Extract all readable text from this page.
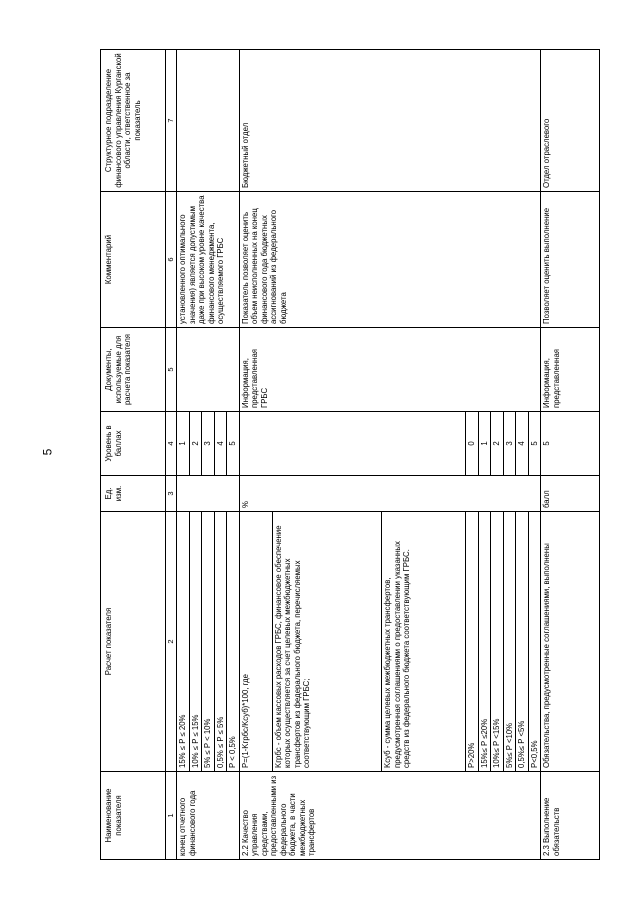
5
Наименование показателя	Расчет показателя	Ед. изм.	Уровень в баллах	Документы, используемые для расчета показателя	Комментарий	Структурное подразделение финансового управления Курганской области, ответственное за показатель
1	2	3	4	5	6	7
конец отчетного финансового года	15% ≤ P ≤ 20%		1		установленного оптимального значения) является допустимым даже при высоком уровне качества финансового менеджмента, осуществляемого ГРБС	
	10% ≤ P ≤ 15%		2			
	5% ≤ P < 10%		3			
	0,5% ≤ P ≤ 5%		4			
	P < 0,5%		5			
2.2 Качество управления средствами, предоставленными из федерального бюджета, в части межбюджетных трансфертов	P=(1-Kгрбс/Kсуб)*100, где	%		Информация, представленная ГРБС	Показатель позволяет оценить объем неисполненных на конец финансового года бюджетных ассигнований из федерального бюджета	Бюджетный отдел
	Kгрбс - объем кассовых расходов ГРБС, финансовое обеспечение которых осуществляется за счет целевых межбюджетных трансфертов из федерального бюджета, перечисляемых соответствующим ГРБС;					
	Kсуб - сумма целевых межбюджетных трансфертов, предусмотренная соглашениями о предоставлении указанных средств из федерального бюджета соответствующим ГРБС.					
	P>20%		0			
	15%≤ P ≤20%		1			
	10%≤ P <15%		2			
	5%≤ P <10%		3			
	0,5%≤ P <5%		4			
	P<0,5%		5			
2.3 Выполнение обязательств	Обязательства, предусмотренные соглашениями, выполнены	балл	5	Информация, представленная	Позволяет оценить выполнение	Отдел отраслевого
